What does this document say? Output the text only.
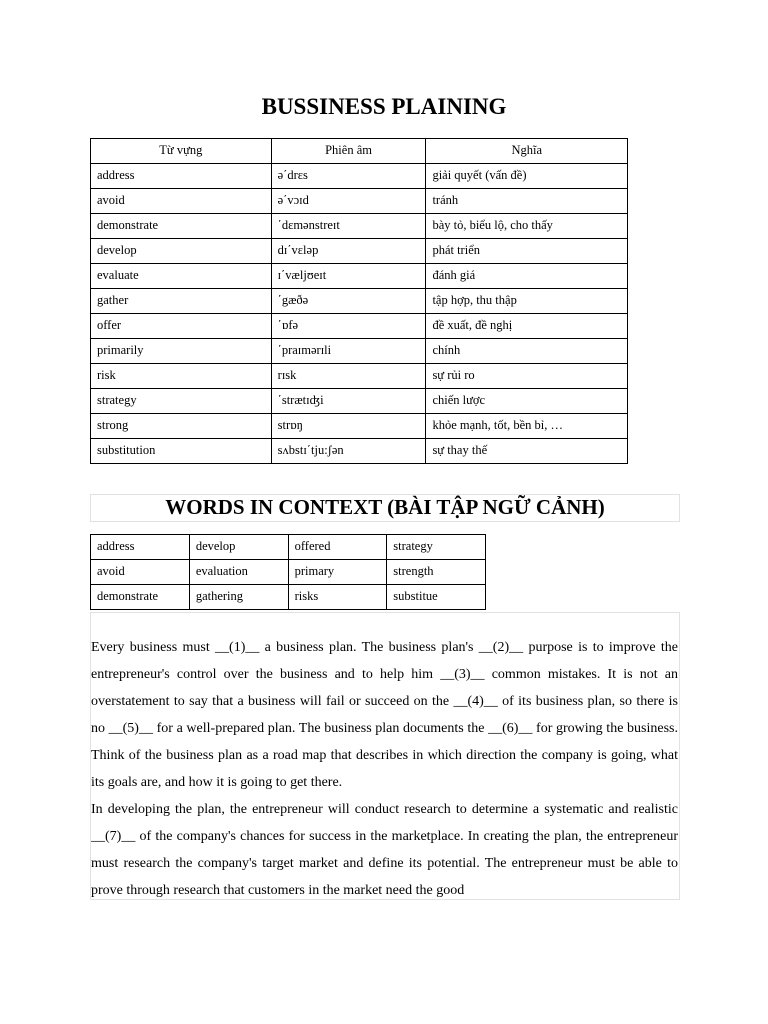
BUSSINESS PLAINING
Từ vựng	Phiên âm	Nghĩa
address	ə΄drɛs	giải quyết (vấn đề)
avoid	ə΄vɔɪd	tránh
demonstrate	΄dɛmənstreɪt	bày tỏ, biểu lộ, cho thấy
develop	dɪ΄vɛləp	phát triển
evaluate	ɪ΄væljʊeɪt	đánh giá
gather	΄gæðə	tập hợp, thu thập
offer	΄ɒfə	đề xuất, đề nghị
primarily	΄praɪmərɪli	chính
risk	rɪsk	sự rủi ro
strategy	΄strætɪʤi	chiến lược
strong	strɒŋ	khỏe mạnh, tốt, bền bỉ, …
substitution	sʌbstɪ΄tju:ʃən	sự thay thế
WORDS IN CONTEXT (BÀI TẬP NGỮ CẢNH)
address	develop	offered	strategy
avoid	evaluation	primary	strength
demonstrate	gathering	risks	substitue

Every business must __(1)__ a business plan. The business plan's __(2)__ purpose is to improve the entrepreneur's control over the business and to help him __(3)__ common mistakes. It is not an overstatement to say that a business will fail or succeed on the __(4)__ of its business plan, so there is no __(5)__ for a well-prepared plan. The business plan documents the __(6)__ for growing the business. Think of the business plan as a road map that describes in which direction the company is going, what its goals are, and how it is going to get there.

In developing the plan, the entrepreneur will conduct research to determine a systematic and realistic __(7)__ of the company's chances for success in the marketplace. In creating the plan, the entrepreneur must research the company's target market and define its potential. The entrepreneur must be able to prove through research that customers in the market need the good
